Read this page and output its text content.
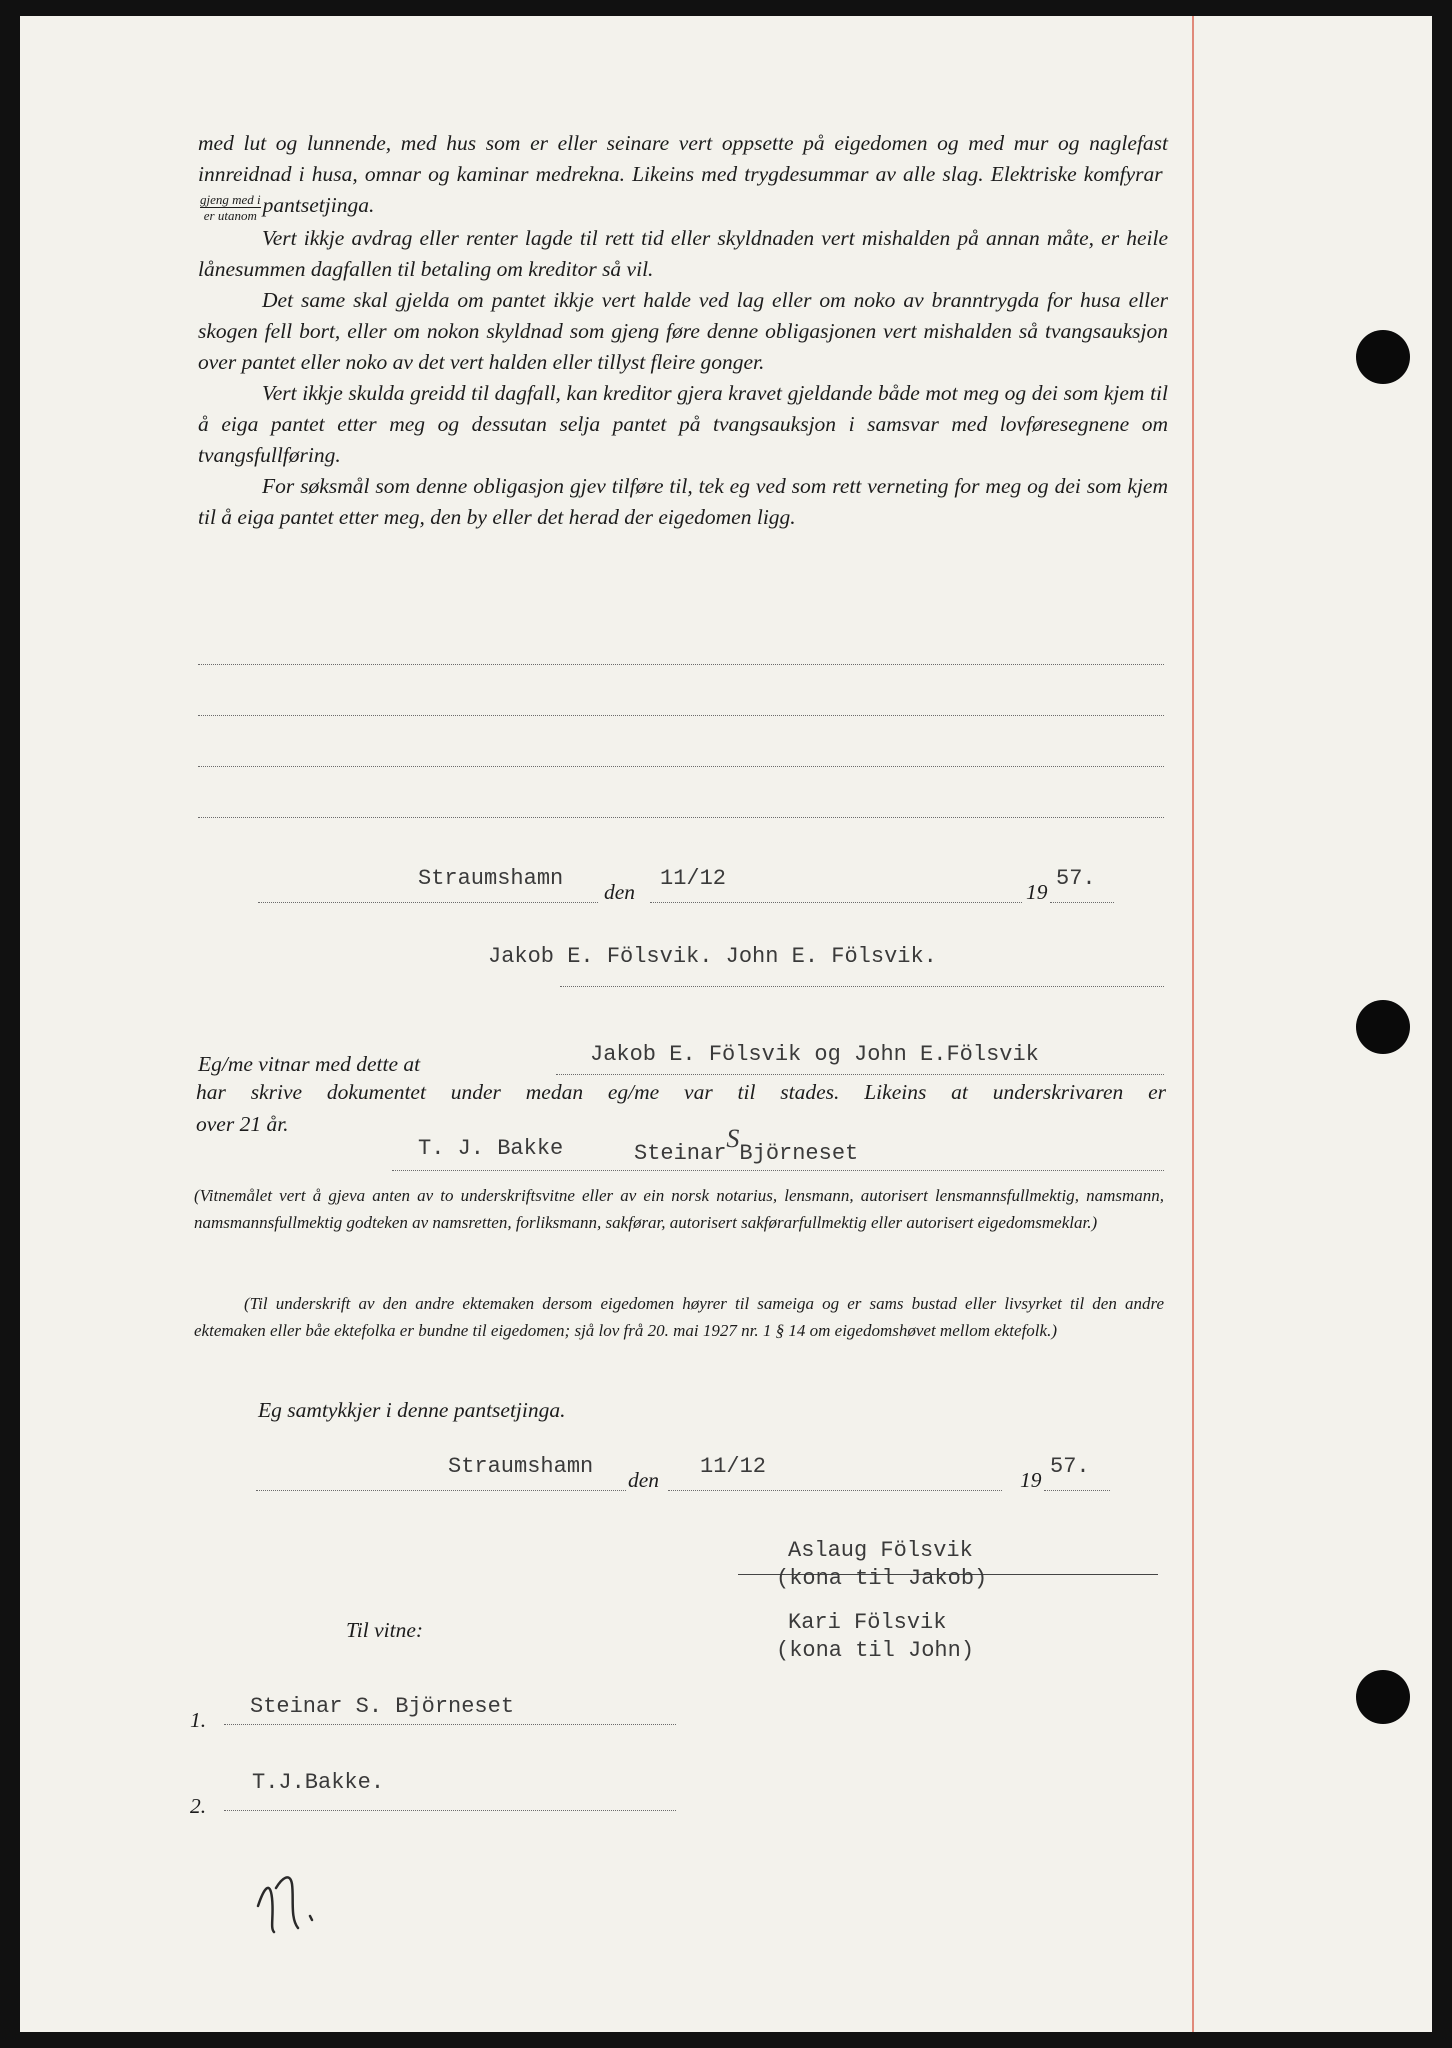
med lut og lunnende, med hus som er eller seinare vert oppsette på eigedomen og med mur og naglefast innreidnad i husa, omnar og kaminar medrekna. Likeins med trygdesummar av alle slag. Elektriske komfyrar
$\frac{\text{gjeng med i}}{\text{er utanom}}$ pantsetjinga.

Vert ikkje avdrag eller renter lagde til rett tid eller skyldnaden vert mishalden på annan måte, er heile lånesummen dagfallen til betaling om kreditor så vil.

Det same skal gjelda om pantet ikkje vert halde ved lag eller om noko av branntrygda for husa eller skogen fell bort, eller om nokon skyldnad som gjeng føre denne obligasjonen vert mishalden så tvangsauksjon over pantet eller noko av det vert halden eller tillyst fleire gonger.

Vert ikkje skulda greidd til dagfall, kan kreditor gjera kravet gjeldande både mot meg og dei som kjem til å eiga pantet etter meg og dessutan selja pantet på tvangsauksjon i samsvar med lovføresegnene om tvangsfullføring.

For søksmål som denne obligasjon gjev tilføre til, tek eg ved som rett verneting for meg og dei som kjem til å eiga pantet etter meg, den by eller det herad der eigedomen ligg.

Straumshamn
den
11/12
19
57.
Jakob E. Fölsvik. John E. Fölsvik.
Eg/me vitnar med dette at	Jakob E. Fölsvik og John E.Fölsvik
har skrive dokumentet under medan eg/me var til stades. Likeins at underskrivaren er
over 21 år.
T. J. Bakke	SteinarSBjörneset

(Vitnemålet vert å gjeva anten av to underskriftsvitne eller av ein norsk notarius, lensmann, autorisert lensmannsfullmektig, namsmann, namsmannsfullmektig godteken av namsretten, forliksmann, sakførar, autorisert sakførarfullmektig eller autorisert eigedomsmeklar.)

(Til underskrift av den andre ektemaken dersom eigedomen høyrer til sameiga og er sams bustad eller livsyrket til den andre ektemaken eller båe ektefolka er bundne til eigedomen; sjå lov frå 20. mai 1927 nr. 1 § 14 om eigedomshøvet mellom ektefolk.)

Eg samtykkjer i denne pantsetjinga.
Straumshamn
den
11/12
19
57.
Aslaug Fölsvik
(kona til Jakob)
Kari Fölsvik
(kona til John)
Til vitne:
1.
Steinar S. Björneset
2.
T.J.Bakke.
